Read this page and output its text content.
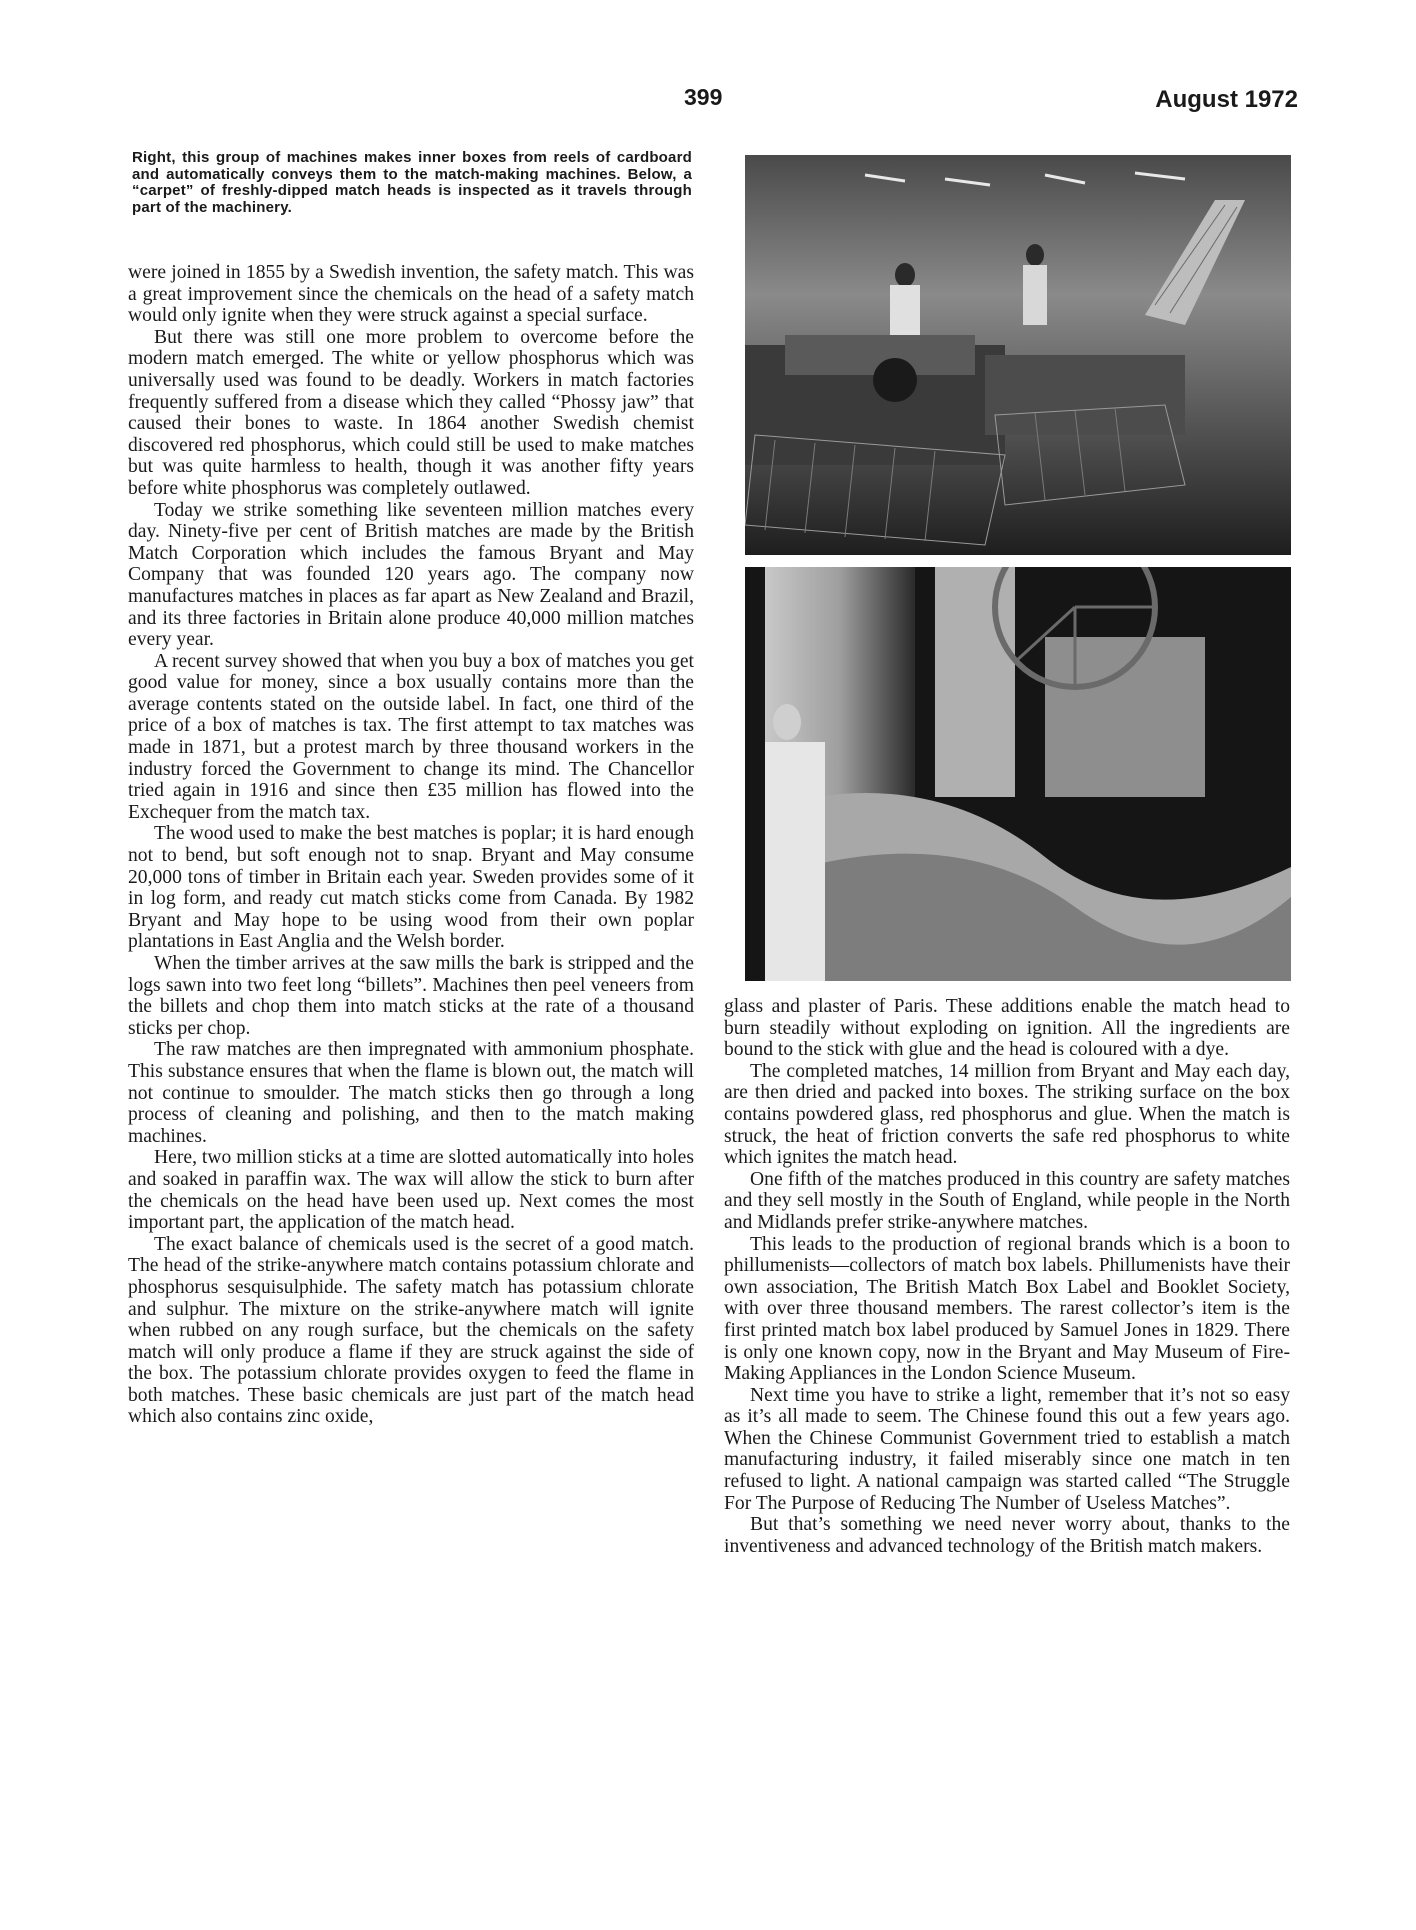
399	August 1972
Right, this group of machines makes inner boxes from reels of cardboard and automatically conveys them to the match-making machines. Below, a “carpet” of freshly-dipped match heads is inspected as it travels through part of the machinery.

were joined in 1855 by a Swedish invention, the safety match. This was a great improvement since the chemicals on the head of a safety match would only ignite when they were struck against a special surface.

But there was still one more problem to overcome before the modern match emerged. The white or yellow phosphorus which was universally used was found to be deadly. Workers in match factories frequently suffered from a disease which they called “Phossy jaw” that caused their bones to waste. In 1864 another Swedish chemist discovered red phosphorus, which could still be used to make matches but was quite harmless to health, though it was another fifty years before white phosphorus was completely outlawed.

Today we strike something like seventeen million matches every day. Ninety-five per cent of British matches are made by the British Match Corporation which includes the famous Bryant and May Company that was founded 120 years ago. The company now manufactures matches in places as far apart as New Zealand and Brazil, and its three factories in Britain alone produce 40,000 million matches every year.

A recent survey showed that when you buy a box of matches you get good value for money, since a box usually contains more than the average contents stated on the outside label. In fact, one third of the price of a box of matches is tax. The first attempt to tax matches was made in 1871, but a protest march by three thousand workers in the industry forced the Government to change its mind. The Chancellor tried again in 1916 and since then £35 million has flowed into the Exchequer from the match tax.

The wood used to make the best matches is poplar; it is hard enough not to bend, but soft enough not to snap. Bryant and May consume 20,000 tons of timber in Britain each year. Sweden provides some of it in log form, and ready cut match sticks come from Canada. By 1982 Bryant and May hope to be using wood from their own poplar plantations in East Anglia and the Welsh border.

When the timber arrives at the saw mills the bark is stripped and the logs sawn into two feet long “billets”. Machines then peel veneers from the billets and chop them into match sticks at the rate of a thousand sticks per chop.

The raw matches are then impregnated with ammonium phosphate. This substance ensures that when the flame is blown out, the match will not continue to smoulder. The match sticks then go through a long process of cleaning and polishing, and then to the match making machines.

Here, two million sticks at a time are slotted automatically into holes and soaked in paraffin wax. The wax will allow the stick to burn after the chemicals on the head have been used up. Next comes the most important part, the application of the match head.

The exact balance of chemicals used is the secret of a good match. The head of the strike-anywhere match contains potassium chlorate and phosphorus sesquisulphide. The safety match has potassium chlorate and sulphur. The mixture on the strike-anywhere match will ignite when rubbed on any rough surface, but the chemicals on the safety match will only produce a flame if they are struck against the side of the box. The potassium chlorate provides oxygen to feed the flame in both matches. These basic chemicals are just part of the match head which also contains zinc oxide,

glass and plaster of Paris. These additions enable the match head to burn steadily without exploding on ignition. All the ingredients are bound to the stick with glue and the head is coloured with a dye.

The completed matches, 14 million from Bryant and May each day, are then dried and packed into boxes. The striking surface on the box contains powdered glass, red phosphorus and glue. When the match is struck, the heat of friction converts the safe red phosphorus to white which ignites the match head.

One fifth of the matches produced in this country are safety matches and they sell mostly in the South of England, while people in the North and Midlands prefer strike-anywhere matches.

This leads to the production of regional brands which is a boon to phillumenists—collectors of match box labels. Phillumenists have their own association, The British Match Box Label and Booklet Society, with over three thousand members. The rarest collector’s item is the first printed match box label produced by Samuel Jones in 1829. There is only one known copy, now in the Bryant and May Museum of Fire-Making Appliances in the London Science Museum.

Next time you have to strike a light, remember that it’s not so easy as it’s all made to seem. The Chinese found this out a few years ago. When the Chinese Communist Government tried to establish a match manufacturing industry, it failed miserably since one match in ten refused to light. A national campaign was started called “The Struggle For The Purpose of Reducing The Number of Useless Matches”.

But that’s something we need never worry about, thanks to the inventiveness and advanced technology of the British match makers.
